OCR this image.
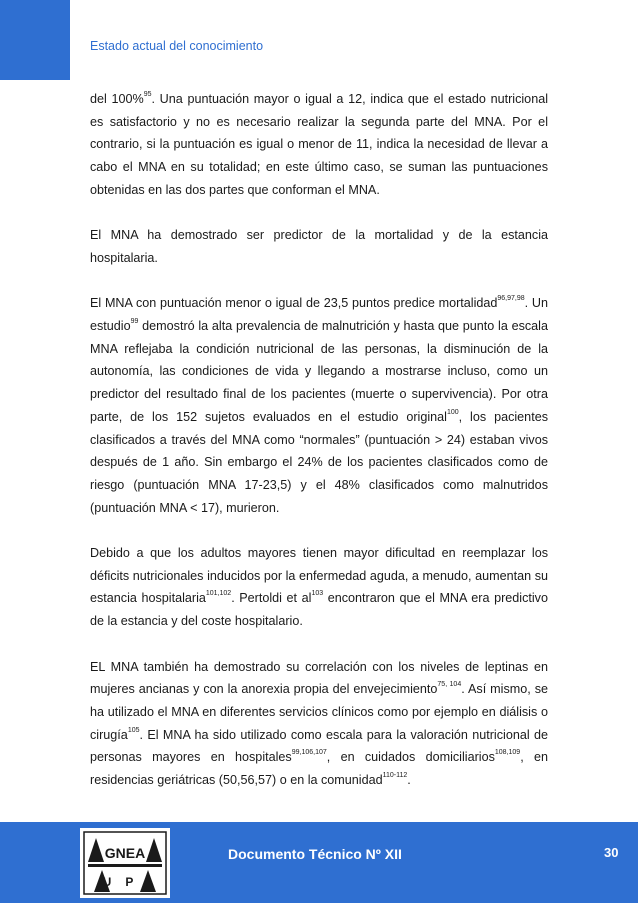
Estado actual del conocimiento

del 100%$^{95}$. Una puntuación mayor o igual a 12, indica que el estado nutricional es satisfactorio y no es necesario realizar la segunda parte del MNA. Por el contrario, si la puntuación es igual o menor de 11, indica la necesidad de llevar a cabo el MNA en su totalidad; en este último caso, se suman las puntuaciones obtenidas en las dos partes que conforman el MNA.

El MNA ha demostrado ser predictor de la mortalidad y de la estancia hospitalaria.

El MNA con puntuación menor o igual de 23,5 puntos predice mortalidad$^{96,97,98}$. Un estudio$^{99}$ demostró la alta prevalencia de malnutrición y hasta que punto la escala MNA reflejaba la condición nutricional de las personas, la disminución de la autonomía, las condiciones de vida y llegando a mostrarse incluso, como un predictor del resultado final de los pacientes (muerte o supervivencia). Por otra parte, de los 152 sujetos evaluados en el estudio original$^{100}$, los pacientes clasificados a través del MNA como “normales” (puntuación > 24) estaban vivos después de 1 año. Sin embargo el 24% de los pacientes clasificados como de riesgo (puntuación MNA 17-23,5) y el 48% clasificados como malnutridos (puntuación MNA < 17), murieron.

Debido a que los adultos mayores tienen mayor dificultad en reemplazar los déficits nutricionales inducidos por la enfermedad aguda, a menudo, aumentan su estancia hospitalaria$^{101,102}$. Pertoldi et $al^{103}$ encontraron que el MNA era predictivo de la estancia y del coste hospitalario.

EL MNA también ha demostrado su correlación con los niveles de leptinas en mujeres ancianas y con la anorexia propia del envejecimiento$^{75, 104}$. Así mismo, se ha utilizado el MNA en diferentes servicios clínicos como por ejemplo en diálisis o cirugía$^{105}$. El MNA ha sido utilizado como escala para la valoración nutricional de personas mayores en hospitales$^{99,106,107}$, en cuidados domiciliarios$^{108,109}$, en residencias geriátricas (50,56,57) o en la comunidad$^{110-112}$.

GNEA
UP
Documento Técnico Nº XII	30
